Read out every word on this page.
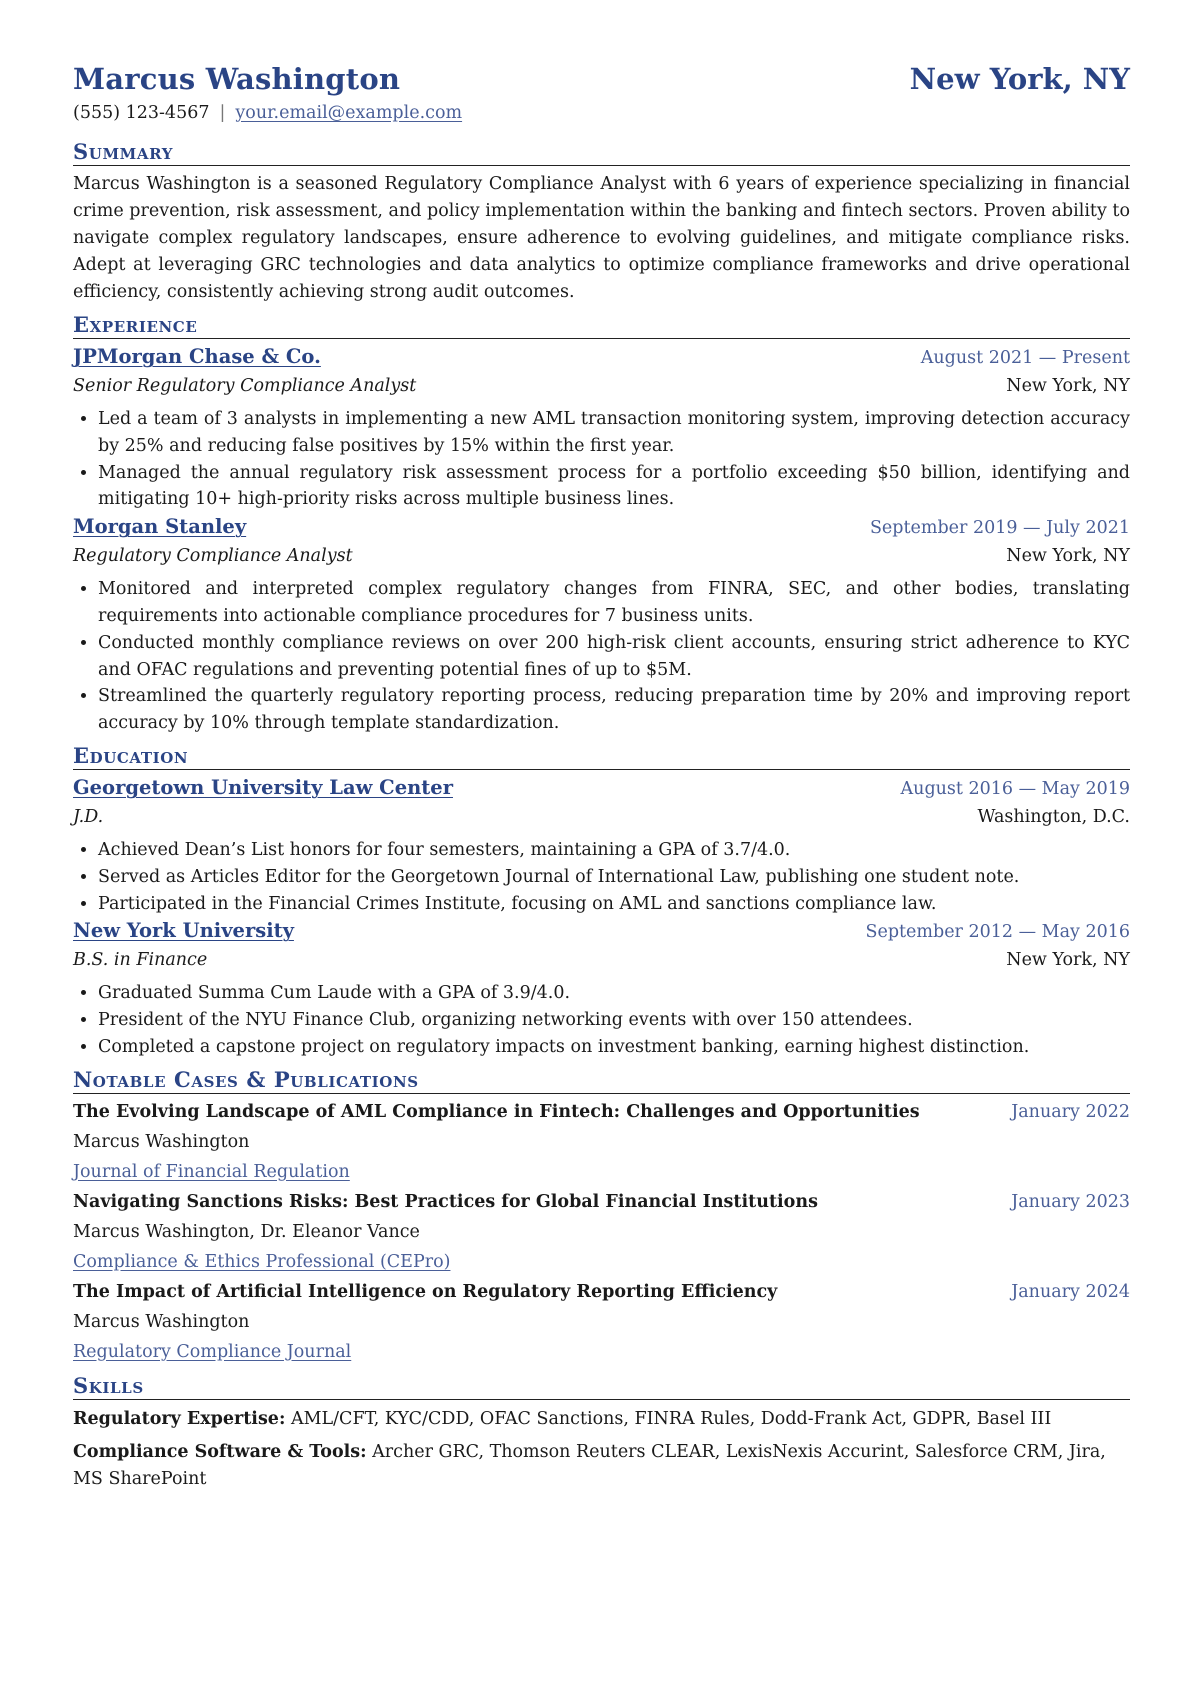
Marcus Washington	New York, NY
(555) 123-4567 | your.email@example.com
Summary
Marcus Washington is a seasoned Regulatory Compliance Analyst with 6 years of experience specializing in financial crime prevention, risk assessment, and policy implementation within the banking and fintech sectors. Proven ability to navigate complex regulatory landscapes, ensure adherence to evolving guidelines, and mitigate compliance risks. Adept at leveraging GRC technologies and data analytics to optimize compliance frameworks and drive operational efficiency, consistently achieving strong audit outcomes.
Experience
JPMorgan Chase & Co.	August 2021 — Present
Senior Regulatory Compliance Analyst	New York, NY
• Led a team of 3 analysts in implementing a new AML transaction monitoring system, improving detection accuracy by 25% and reducing false positives by 15% within the first year.
• Managed the annual regulatory risk assessment process for a portfolio exceeding $50 billion, identifying and mitigating 10+ high-priority risks across multiple business lines.
Morgan Stanley	September 2019 — July 2021
Regulatory Compliance Analyst	New York, NY
• Monitored and interpreted complex regulatory changes from FINRA, SEC, and other bodies, translating requirements into actionable compliance procedures for 7 business units.
• Conducted monthly compliance reviews on over 200 high-risk client accounts, ensuring strict adherence to KYC and OFAC regulations and preventing potential fines of up to $5M.
• Streamlined the quarterly regulatory reporting process, reducing preparation time by 20% and improving report accuracy by 10% through template standardization.
Education
Georgetown University Law Center	August 2016 — May 2019
J.D.	Washington, D.C.
• Achieved Dean’s List honors for four semesters, maintaining a GPA of 3.7/4.0.
• Served as Articles Editor for the Georgetown Journal of International Law, publishing one student note.
• Participated in the Financial Crimes Institute, focusing on AML and sanctions compliance law.
New York University	September 2012 — May 2016
B.S. in Finance	New York, NY
• Graduated Summa Cum Laude with a GPA of 3.9/4.0.
• President of the NYU Finance Club, organizing networking events with over 150 attendees.
• Completed a capstone project on regulatory impacts on investment banking, earning highest distinction.
Notable Cases & Publications
The Evolving Landscape of AML Compliance in Fintech: Challenges and Opportunities	January 2022
Marcus Washington
Journal of Financial Regulation
Navigating Sanctions Risks: Best Practices for Global Financial Institutions	January 2023
Marcus Washington, Dr. Eleanor Vance
Compliance & Ethics Professional (CEPro)
The Impact of Artificial Intelligence on Regulatory Reporting Efficiency	January 2024
Marcus Washington
Regulatory Compliance Journal
Skills
Regulatory Expertise: AML/CFT, KYC/CDD, OFAC Sanctions, FINRA Rules, Dodd-Frank Act, GDPR, Basel III
Compliance Software & Tools: Archer GRC, Thomson Reuters CLEAR, LexisNexis Accurint, Salesforce CRM, Jira, MS SharePoint
